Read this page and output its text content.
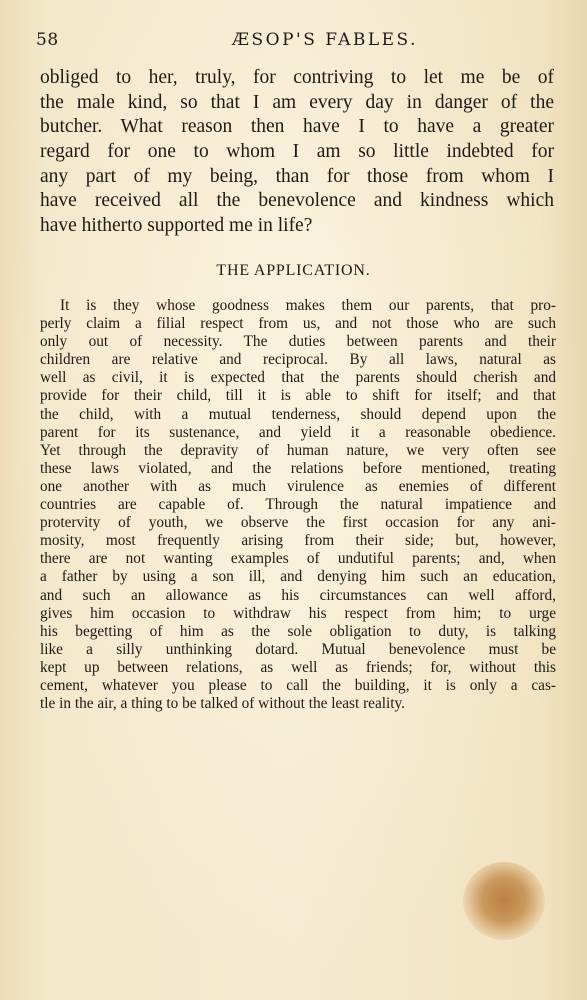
58	ÆSOP'S FABLES.
obliged to her, truly, for contriving to let me be of
the male kind, so that I am every day in danger of the
butcher. What reason then have I to have a greater
regard for one to whom I am so little indebted for
any part of my being, than for those from whom I
have received all the benevolence and kindness which
have hitherto supported me in life?
THE APPLICATION.
It is they whose goodness makes them our parents, that pro-
perly claim a filial respect from us, and not those who are such
only out of necessity. The duties between parents and their
children are relative and reciprocal. By all laws, natural as
well as civil, it is expected that the parents should cherish and
provide for their child, till it is able to shift for itself; and that
the child, with a mutual tenderness, should depend upon the
parent for its sustenance, and yield it a reasonable obedience.
Yet through the depravity of human nature, we very often see
these laws violated, and the relations before mentioned, treating
one another with as much virulence as enemies of different
countries are capable of. Through the natural impatience and
protervity of youth, we observe the first occasion for any ani-
mosity, most frequently arising from their side; but, however,
there are not wanting examples of undutiful parents; and, when
a father by using a son ill, and denying him such an education,
and such an allowance as his circumstances can well afford,
gives him occasion to withdraw his respect from him; to urge
his begetting of him as the sole obligation to duty, is talking
like a silly unthinking dotard. Mutual benevolence must be
kept up between relations, as well as friends; for, without this
cement, whatever you please to call the building, it is only a cas-
tle in the air, a thing to be talked of without the least reality.
